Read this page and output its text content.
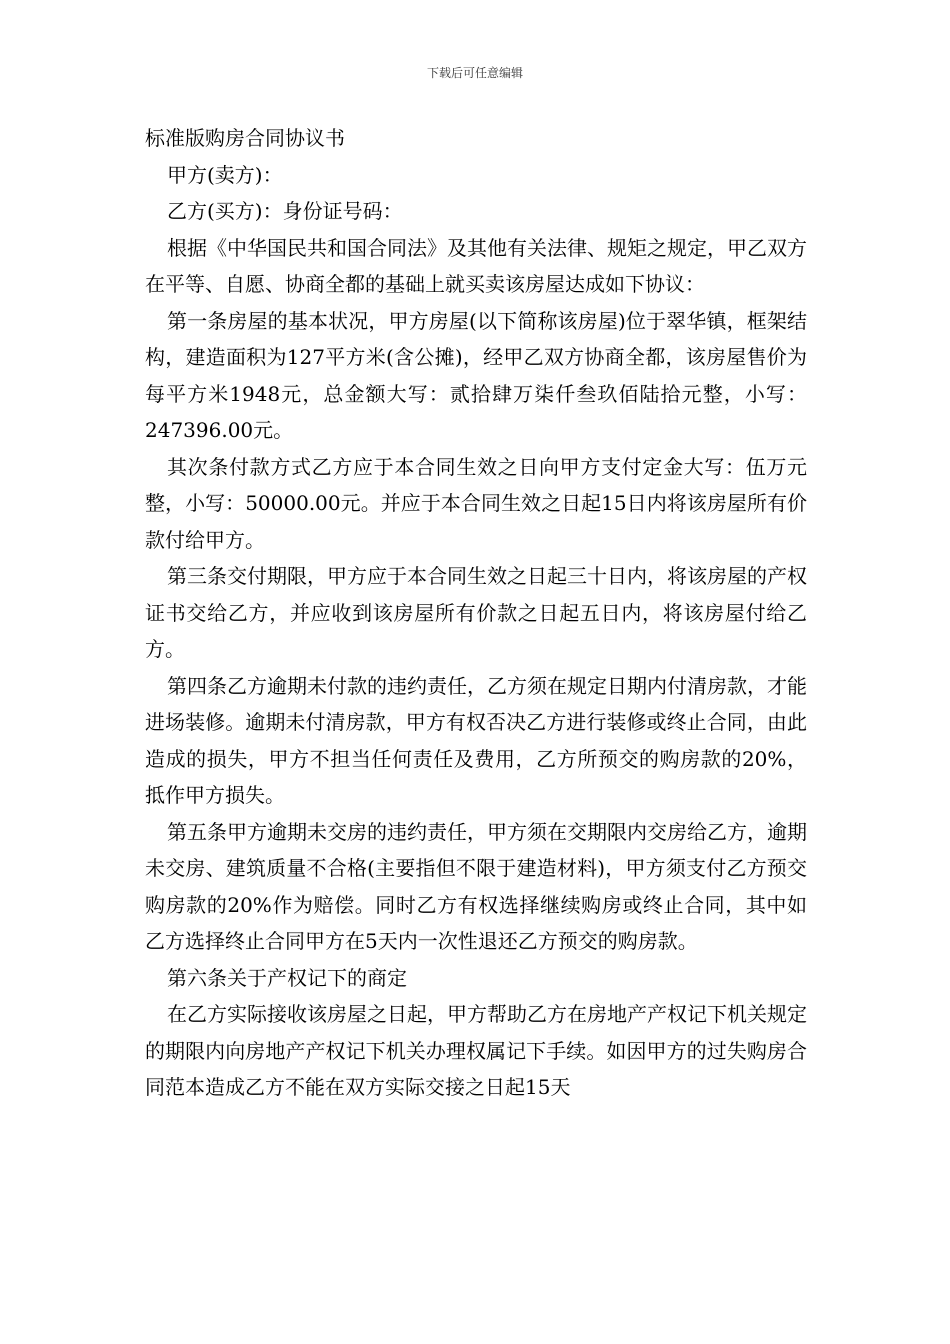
下载后可任意编辑
标准版购房合同协议书

甲方(卖方)：

乙方(买方)：身份证号码：

根据《中华国民共和国合同法》及其他有关法律、规矩之规定，甲乙双方在平等、自愿、协商全都的基础上就买卖该房屋达成如下协议：

第一条房屋的基本状况，甲方房屋(以下简称该房屋)位于翠华镇，框架结构，建造面积为127平方米(含公摊)，经甲乙双方协商全都，该房屋售价为每平方米1948元，总金额大写：贰拾肆万柒仟叁玖佰陆拾元整，小写：247396.00元。

其次条付款方式乙方应于本合同生效之日向甲方支付定金大写：伍万元整，小写：50000.00元。并应于本合同生效之日起15日内将该房屋所有价款付给甲方。

第三条交付期限，甲方应于本合同生效之日起三十日内，将该房屋的产权证书交给乙方，并应收到该房屋所有价款之日起五日内，将该房屋付给乙方。

第四条乙方逾期未付款的违约责任，乙方须在规定日期内付清房款，才能进场装修。逾期未付清房款，甲方有权否决乙方进行装修或终止合同，由此造成的损失，甲方不担当任何责任及费用，乙方所预交的购房款的20%，抵作甲方损失。

第五条甲方逾期未交房的违约责任，甲方须在交期限内交房给乙方，逾期未交房、建筑质量不合格(主要指但不限于建造材料)，甲方须支付乙方预交购房款的20%作为赔偿。同时乙方有权选择继续购房或终止合同，其中如乙方选择终止合同甲方在5天内一次性退还乙方预交的购房款。

第六条关于产权记下的商定

在乙方实际接收该房屋之日起，甲方帮助乙方在房地产产权记下机关规定的期限内向房地产产权记下机关办理权属记下手续。如因甲方的过失购房合同范本造成乙方不能在双方实际交接之日起15天
